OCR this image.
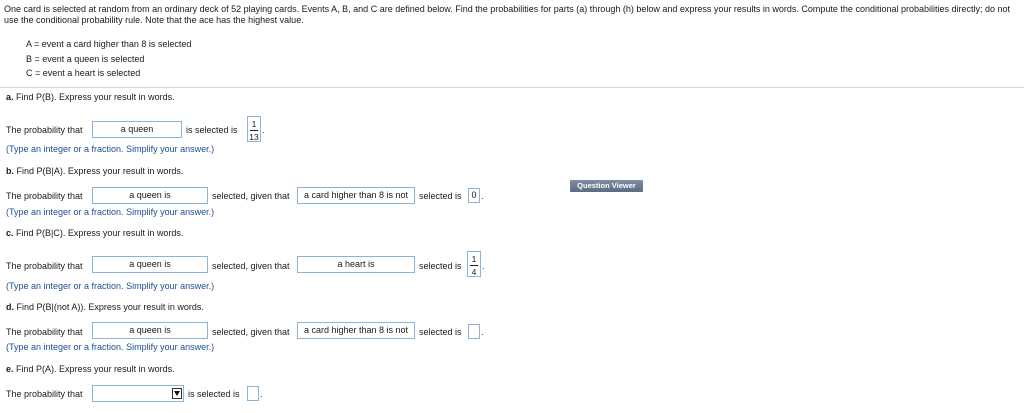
One card is selected at random from an ordinary deck of 52 playing cards. Events A, B, and C are defined below. Find the probabilities for parts (a) through (h) below and express your results in words. Compute the conditional probabilities directly; do not use the conditional probability rule. Note that the ace has the highest value.
A = event a card higher than 8 is selected
B = event a queen is selected
C = event a heart is selected
a. Find P(B). Express your result in words.
The probability that	a queen	is selected is
1
13
.
(Type an integer or a fraction. Simplify your answer.)
b. Find P(B|A). Express your result in words.
The probability that	a queen is	selected, given that	a card higher than 8 is not	selected is	0 .
(Type an integer or a fraction. Simplify your answer.)
Question Viewer
c. Find P(B|C). Express your result in words.
The probability that	a queen is	selected, given that	a heart is	selected is
1
4
.
(Type an integer or a fraction. Simplify your answer.)
d. Find P(B|(not A)). Express your result in words.
The probability that	a queen is	selected, given that	a card higher than 8 is not	selected is .
(Type an integer or a fraction. Simplify your answer.)
e. Find P(A). Express your result in words.
The probability that	is selected is .
